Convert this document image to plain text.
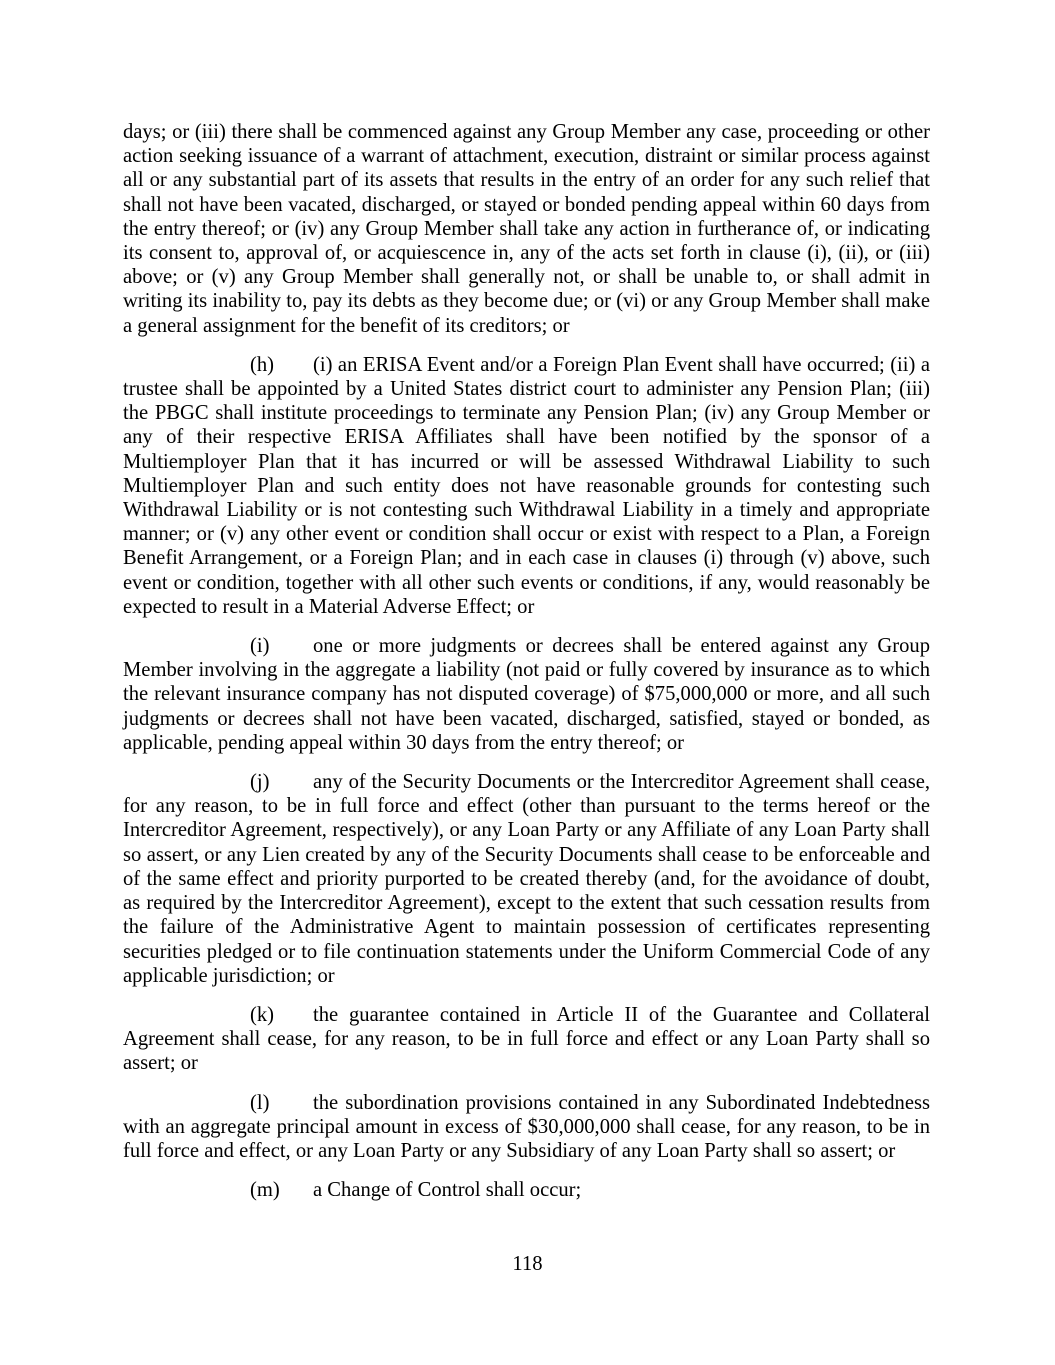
days; or (iii) there shall be commenced against any Group Member any case, proceeding or other action seeking issuance of a warrant of attachment, execution, distraint or similar process against all or any substantial part of its assets that results in the entry of an order for any such relief that shall not have been vacated, discharged, or stayed or bonded pending appeal within 60 days from the entry thereof; or (iv) any Group Member shall take any action in furtherance of, or indicating its consent to, approval of, or acquiescence in, any of the acts set forth in clause (i), (ii), or (iii) above; or (v) any Group Member shall generally not, or shall be unable to, or shall admit in writing its inability to, pay its debts as they become due; or (vi) or any Group Member shall make a general assignment for the benefit of its creditors; or

(h) (i) an ERISA Event and/or a Foreign Plan Event shall have occurred; (ii) a trustee shall be appointed by a United States district court to administer any Pension Plan; (iii) the PBGC shall institute proceedings to terminate any Pension Plan; (iv) any Group Member or any of their respective ERISA Affiliates shall have been notified by the sponsor of a Multiemployer Plan that it has incurred or will be assessed Withdrawal Liability to such Multiemployer Plan and such entity does not have reasonable grounds for contesting such Withdrawal Liability or is not contesting such Withdrawal Liability in a timely and appropriate manner; or (v) any other event or condition shall occur or exist with respect to a Plan, a Foreign Benefit Arrangement, or a Foreign Plan; and in each case in clauses (i) through (v) above, such event or condition, together with all other such events or conditions, if any, would reasonably be expected to result in a Material Adverse Effect; or

(i) one or more judgments or decrees shall be entered against any Group Member involving in the aggregate a liability (not paid or fully covered by insurance as to which the relevant insurance company has not disputed coverage) of $75,000,000 or more, and all such judgments or decrees shall not have been vacated, discharged, satisfied, stayed or bonded, as applicable, pending appeal within 30 days from the entry thereof; or

(j) any of the Security Documents or the Intercreditor Agreement shall cease, for any reason, to be in full force and effect (other than pursuant to the terms hereof or the Intercreditor Agreement, respectively), or any Loan Party or any Affiliate of any Loan Party shall so assert, or any Lien created by any of the Security Documents shall cease to be enforceable and of the same effect and priority purported to be created thereby (and, for the avoidance of doubt, as required by the Intercreditor Agreement), except to the extent that such cessation results from the failure of the Administrative Agent to maintain possession of certificates representing securities pledged or to file continuation statements under the Uniform Commercial Code of any applicable jurisdiction; or

(k) the guarantee contained in Article II of the Guarantee and Collateral Agreement shall cease, for any reason, to be in full force and effect or any Loan Party shall so assert; or

(l) the subordination provisions contained in any Subordinated Indebtedness with an aggregate principal amount in excess of $30,000,000 shall cease, for any reason, to be in full force and effect, or any Loan Party or any Subsidiary of any Loan Party shall so assert; or

(m) a Change of Control shall occur;

118
